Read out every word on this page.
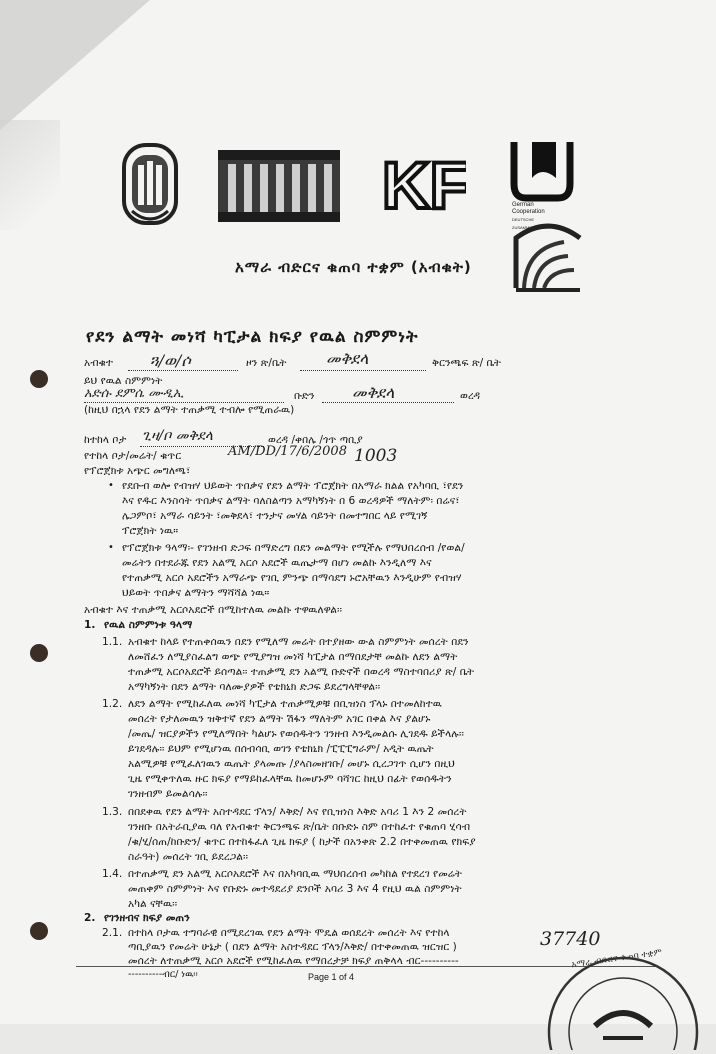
KF	German
Cooperation
DEUTSCHE ZUSAMMENARBEIT
አማራ ብድርና ቁጠባ ተቋም (አብቁት)
የደን ልማት መነሻ ካፒታል ክፍያ የዉል ስምምነት
አብቁተ ጓ/ወ/ሶ	ዞን ጽ/ቤት መቅደላ	ቅርንጫፍ ጽ/ ቤት
ይህ የዉል ስምምነት
አድሱ ደምሴ ሙዲኢ	ቡድን መቅደላ	ወረዳ
(ከዚህ በኋላ የደን ልማት ተጠቃሚ ተብሎ የሚጠራዉ)
ከተከላ ቦታ ጊዛ/ቦ መቅደላ	ወረዳ /ቀበሌ /ጎጥ ጣቢያ
የተከላ ቦታ/መሬት/ ቁጥር	AM/DD/17/6/2008 1003
የፕሮጀክቱ አጭር መግለጫ፣
• የደቡብ ወሎ የብዝሃ ህይወት ጥበቃና የደን ልማት ፕሮጀክት በአማራ ክልል የአካባቢ ፣የደን
እና የዱር እንስሳት ጥበቃና ልማት ባለስልጣን አማካኝነት በ 6 ወረዳዎች ማለትም፡ በሬና፣
ሌጋምቦ፣ አማራ ሳይንት ፣መቅደላ፣ ተንታና መሃል ሳይንት በመተግበር ላይ የሚገኝ
ፕሮጀክት ነዉ።
• የፕሮጀክቱ ዓላማ፡- የገንዘብ ድጋፍ በማድረግ በደን መልማት የሚችሉ የማህበረሰብ /የወል/
መሬትን በተደራጁ የደን አልሚ አርሶ አደሮች ዉጤታማ በሆነ መልኩ እንዲለማ እና
የተጠቃሚ አርሶ አደሮችን አማራጭ የገቢ ምንጭ በማሳደግ ኑሮአቸዉን እንዲሁም የብዝሃ
ህይወት ጥበቃና ልማትን ማሻሻል ነዉ።
አብቁተ እና ተጠቃሚ አርሶአደሮች በሚከተለዉ መልኩ ተዋዉለዋል፡፡
1. የዉል ስምምነቱ ዓላማ
1.1. አብቁተ ከላይ የተጠቀሰዉን በደን የሚለማ መሬት በተያዘው ውል ስምምነት መሰረት በደን
ለመሸፈን ለሚያስፈልግ ወጭ የሚያግዝ መነሻ ካፒታል በማበደታቸ መልኩ ለደን ልማት
ተጠቃሚ አርሶአደሮች ይሰጣል፡፡ ተጠቃሚ ደን አልሚ ቡድኖች በወረዳ ማስተባበሪያ ጽ/ ቤት
አማካኝነት በደን ልማት ባለሙያዎች የቴክኒክ ድጋፍ ይደረግላቸዋል፡፡
1.2. ለደን ልማት የሚከፈለዉ መነሻ ካፒታል ተጠቃሚዎቹ በቢዝነስ ፕላኑ በተመለከተዉ
መሰረት የታለመዉን ዝቅተኛ የደን ልማት ሽፋን ማለትም አገር በቀል እና ያልሆኑ
/መጤ/ ዝርያዎችን የሚለማበት ካልሆኑ የወሰዱትን ገንዘብ እንዲመልሱ ሊገደዱ ይችላሉ፡፡
ይገደዳሉ፡፡ ይህም የሚሆነዉ በሰብሳቢ ወገን የቴክኒክ /ፒፒፒግራም/ አዲት ዉጤት
አልሚዎቹ የሚፈለገዉን ዉጤት ያላመጡ /ያላስመዘገቡ/ መሆኑ ሲረጋገጥ ሲሆን በዚህ
ጊዜ የሚቀጥለዉ ዙር ክፍያ የማይከፈላቸዉ ከመሆኑም ባሻገር ከዚህ በፊት የወሰዱትን
ገንዘብም ይመልሳሉ፡፡
1.3. በበደቀዉ የደን ልማት አስተዳደር ፕላን/ እቅድ/ እና የቢዝነስ እቅድ አባሪ 1 እን 2 መሰረት
ገንዘቡ በአትራቢያዉ ባለ የአብቁተ ቅርንጫፍ ጽ/ቤት በቡድኑ ስም በተከፈተ የቁጠባ ሂሳብ
/ቁ/ሂ/ሰጠ/ከቡድን/ ቁጥር በተከፋፈለ ጊዜ ክፍያ ( ከታች በአንቀጽ 2.2 በተቀመጠዉ የክፍያ
ስራዓት) መሰረት ገቢ ይደረጋል፡፡
1.4. በተጠቃሚ ደን አልሚ አርሶአደሮች እና በአካባቢዉ ማህበረሰብ መካከል የተደረገ የመሬት
መጠቀም ስምምነት እና የቡድኑ መተዳደሪያ ደንቦች አባሪ 3 እና 4 የዚህ ዉል ስምምነት
አካል ናቸዉ፡፡
2. የገንዘብና ክፍያ መጠን
2.1. በተከላ ቦታዉ ተግባራዊ በሚደረገዉ የደን ልማት ሞዴል ወሰደረት መሰረት እና የተከላ
ጣቢያዉን የመሬት ሁኔታ ( በደን ልማት አስተዳደር ፕላን/እቅድ/ በተቀመጠዉ ዝርዝር )
መሰረት ለተጠቃሚ አርሶ አደሮች የሚከፈለዉ የማበረታቻ ክፍያ ጠቅላላ ብር----------
----------ብር/ ነዉ፡፡
37740
Page 1 of 4
አማራ ብድርና ቁጠባ ተቋም
